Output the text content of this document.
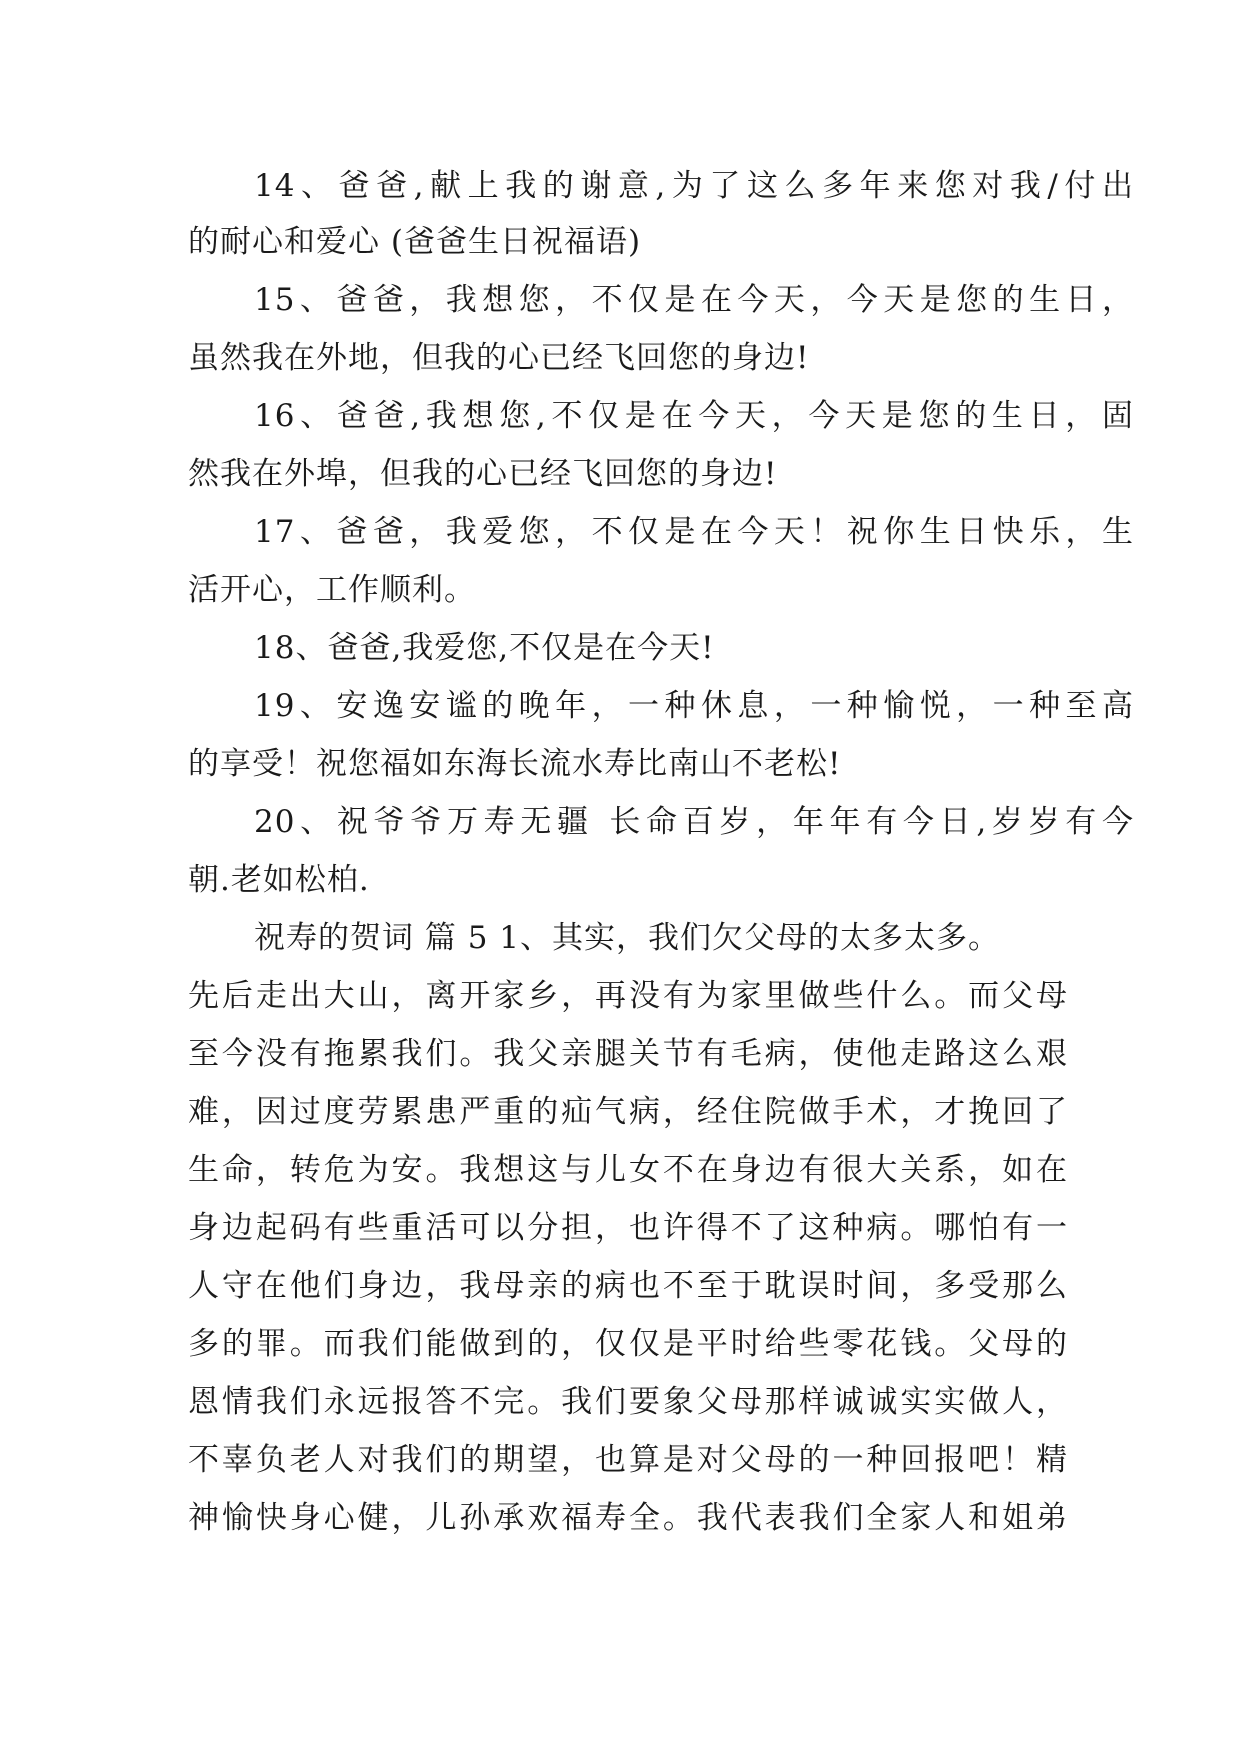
14、爸爸,献上我的谢意,为了这么多年来您对我/付出
的耐心和爱心 (爸爸生日祝福语)
15、爸爸，我想您，不仅是在今天，今天是您的生日，
虽然我在外地，但我的心已经飞回您的身边!
16、爸爸,我想您,不仅是在今天，今天是您的生日，固
然我在外埠，但我的心已经飞回您的身边!
17、爸爸，我爱您，不仅是在今天！祝你生日快乐，生
活开心，工作顺利。
18、爸爸,我爱您,不仅是在今天!
19、安逸安谧的晚年，一种休息，一种愉悦，一种至高
的享受！祝您福如东海长流水寿比南山不老松!
20、祝爷爷万寿无疆 长命百岁，年年有今日,岁岁有今
朝.老如松柏.
祝寿的贺词 篇 5 1、其实，我们欠父母的太多太多。
先后走出大山，离开家乡，再没有为家里做些什么。而父母
至今没有拖累我们。我父亲腿关节有毛病，使他走路这么艰
难，因过度劳累患严重的疝气病，经住院做手术，才挽回了
生命，转危为安。我想这与儿女不在身边有很大关系，如在
身边起码有些重活可以分担，也许得不了这种病。哪怕有一
人守在他们身边，我母亲的病也不至于耽误时间，多受那么
多的罪。而我们能做到的，仅仅是平时给些零花钱。父母的
恩情我们永远报答不完。我们要象父母那样诚诚实实做人，
不辜负老人对我们的期望，也算是对父母的一种回报吧！精
神愉快身心健，儿孙承欢福寿全。我代表我们全家人和姐弟
